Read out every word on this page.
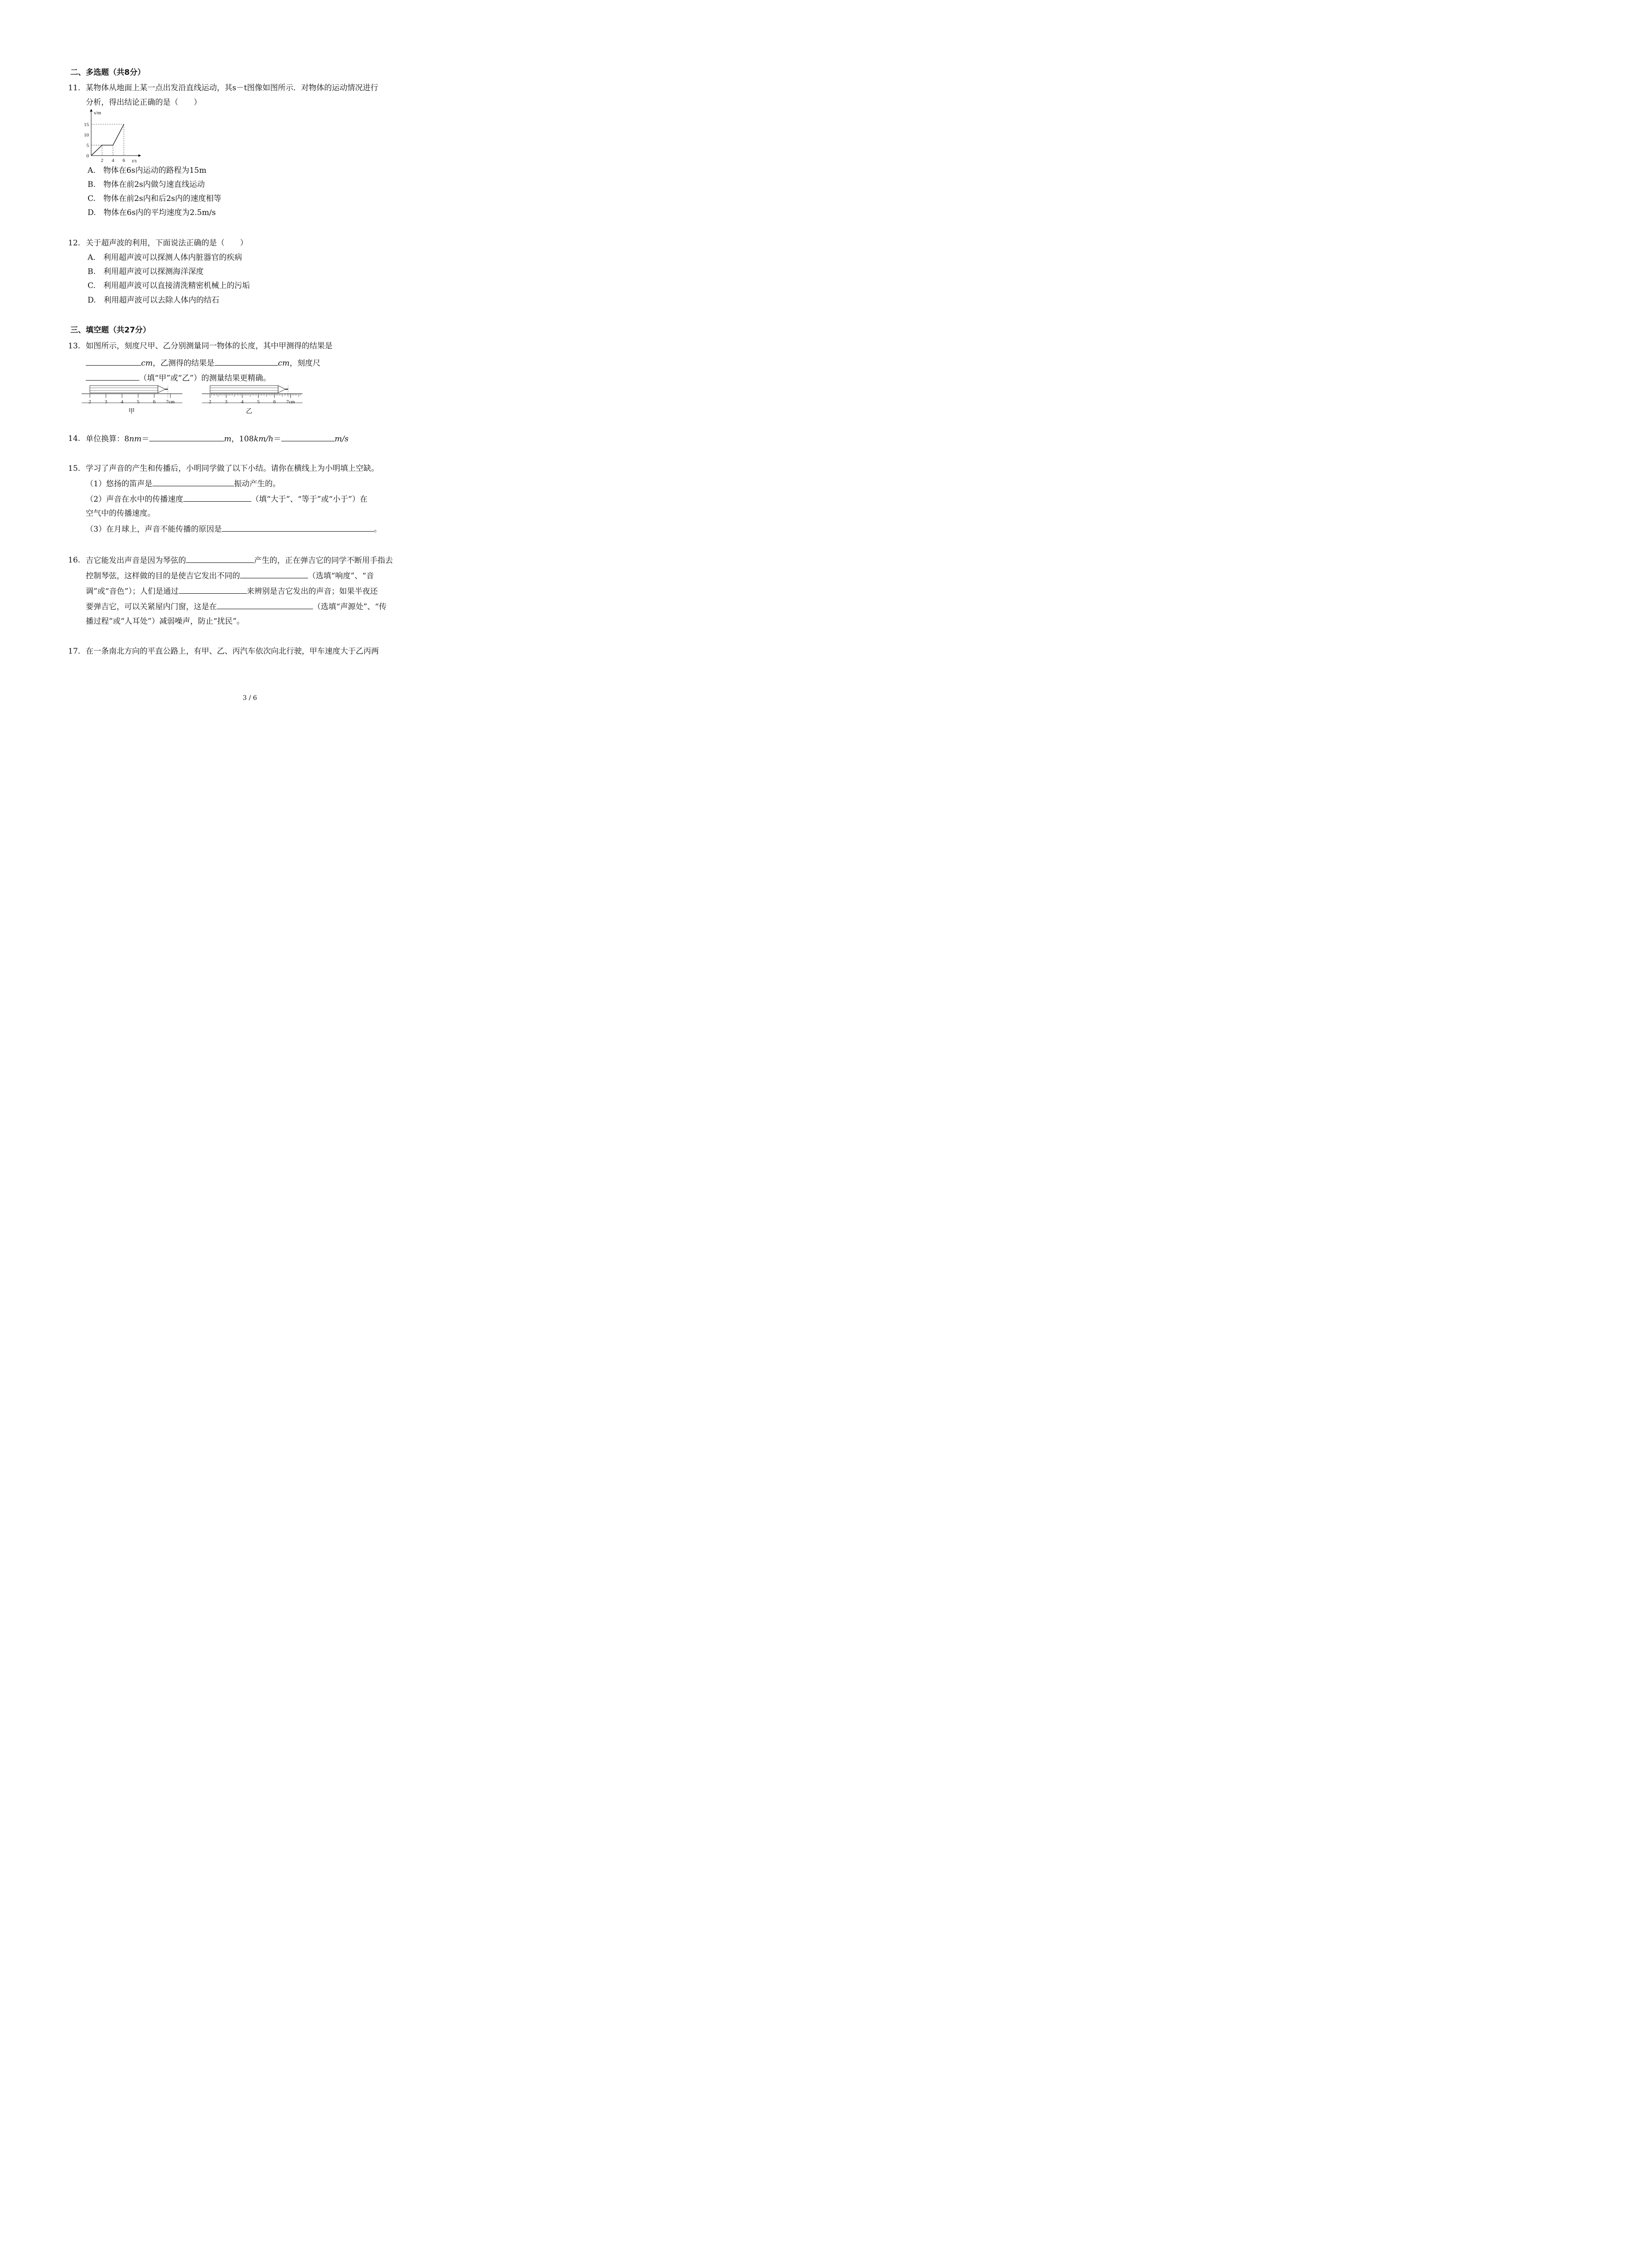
二、多选题（共8分）
11. 某物体从地面上某一点出发沿直线运动，其s－t图像如图所示．对物体的运动情况进行
分析，得出结论正确的是（　　）
s/m
t/s
0
5
10
15
2 4 6
A.　物体在6s内运动的路程为15m
B.　物体在前2s内做匀速直线运动
C.　物体在前2s内和后2s内的速度相等
D.　物体在6s内的平均速度为2.5m/s
12. 关于超声波的利用，下面说法正确的是（　　）
A.　利用超声波可以探测人体内脏器官的疾病
B.　利用超声波可以探测海洋深度
C.　利用超声波可以直接清洗精密机械上的污垢
D.　利用超声波可以去除人体内的结石
三、填空题（共27分）
13. 如图所示，刻度尺甲、乙分别测量同一物体的长度，其中甲测得的结果是
cm，乙测得的结果是	cm，刻度尺
（填“甲”或“乙”）的测量结果更精确。
2	3	4	5	6 7cm
甲
2	3	4	5	6 7cm
乙
14. 单位换算：8nm＝	m，108km/h＝	m/s
15. 学习了声音的产生和传播后，小明同学做了以下小结。请你在横线上为小明填上空缺。
（1）悠扬的笛声是	振动产生的。
（2）声音在水中的传播速度	（填“大于”、“等于”或“小于”）在
空气中的传播速度。
（3）在月球上，声音不能传播的原因是	。
16. 吉它能发出声音是因为琴弦的	产生的，正在弹吉它的同学不断用手指去
控制琴弦，这样做的目的是使吉它发出不同的	（选填“响度”、“音
调”或“音色”）；人们是通过	来辨别是吉它发出的声音；如果半夜还
要弹吉它，可以关紧屋内门窗，这是在	（选填“声源处”、“传
播过程”或“人耳处”）减弱噪声，防止“扰民”。
17. 在一条南北方向的平直公路上，有甲、乙、丙汽车依次向北行驶，甲车速度大于乙丙两
3 / 6
